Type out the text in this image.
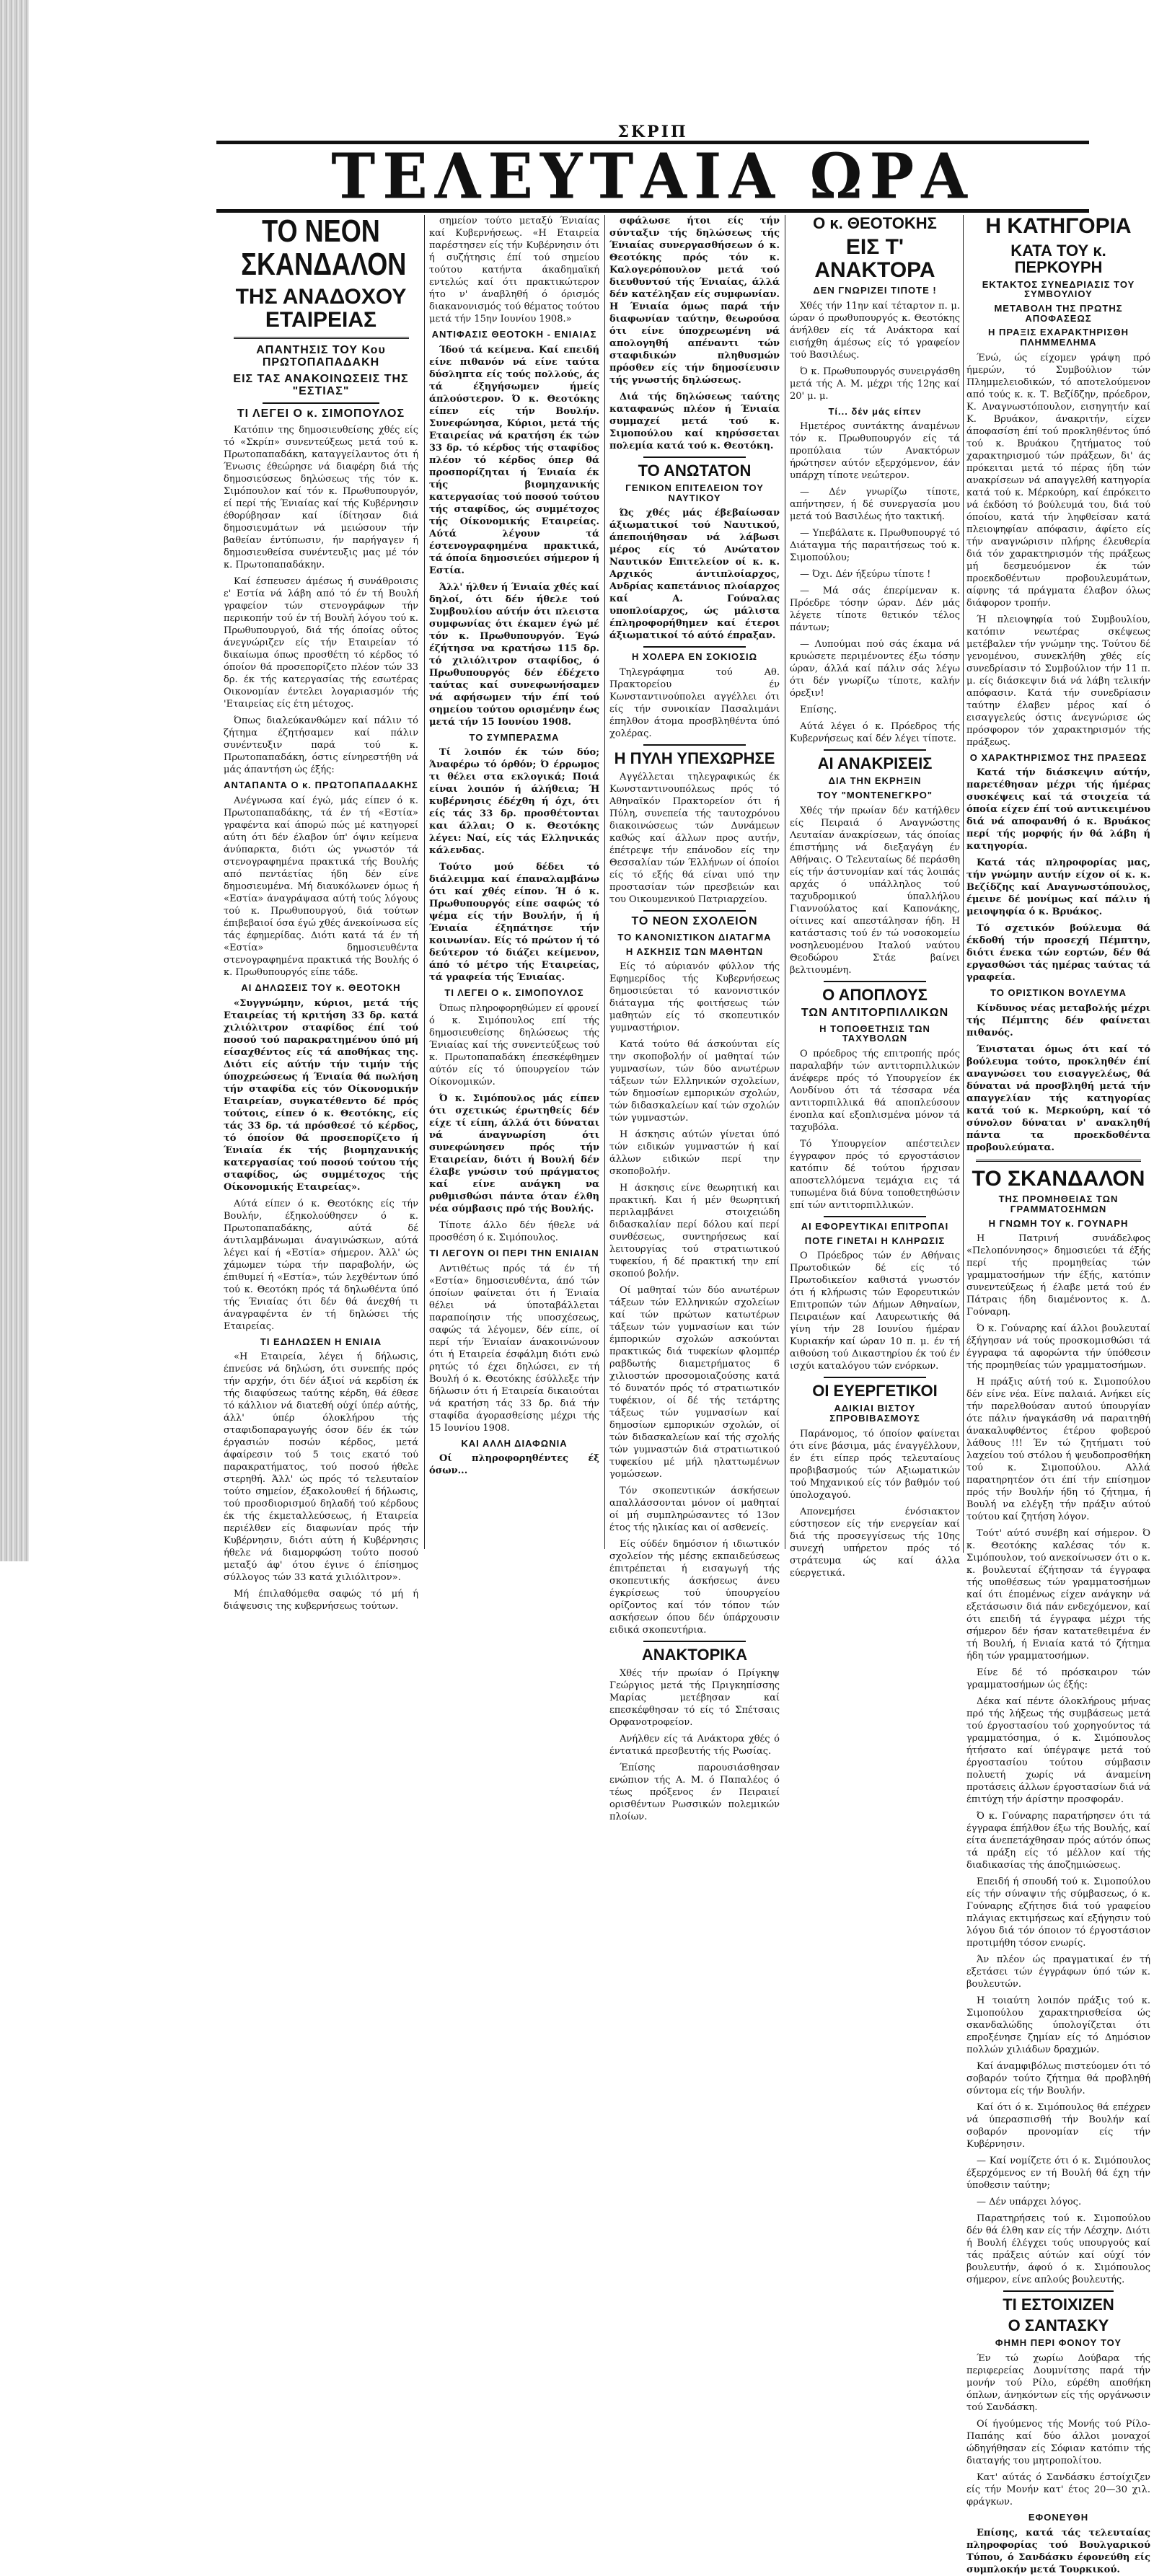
ΣΚΡΙΠ
ΤΕΛΕΥΤΑΙΑ ΩΡΑ
ΤΟ ΝΕΟΝ ΣΚΑΝΔΑΛΟΝ
ΤΗΣ ΑΝΑΔΟΧΟΥ ΕΤΑΙΡΕΙΑΣ
ΑΠΑΝΤΗΣΙΣ ΤΟΥ Κου ΠΡΩΤΟΠΑΠΑΔΑΚΗ
ΕΙΣ ΤΑΣ ΑΝΑΚΟΙΝΩΣΕΙΣ ΤΗΣ "ΕΣΤΙΑΣ"
ΤΙ ΛΕΓΕΙ Ο κ. ΣΙΜΟΠΟΥΛΟΣ

Κατόπιν της δημοσιευθείσης χθές είς τό «Σκρίπ» συνεντεύξεως μετά τού κ. Πρωτοπαπαδάκη, καταγγείλαντος ότι ή Ένωσις έθεώρησε νά διαφέρη διά τής δημοσιεύσεως δηλώσεως τής τόν κ. Σιμόπουλον καί τόν κ. Πρωθυπουργόν, εί περί τής Ένιαίας καί τής Κυβέρνησιν έθορύβησαν καί ίδίτησαν διά δημοσιευμάτων νά μειώσουν τήν βαθείαν έντύπωσιν, ήν παρήγαγεν ή δημοσιευθείσα συνέντευξις μας μέ τόν κ. Πρωτοπαπαδάκην.

Καί έσπευσεν άμέσως ή συνάθροισις ε' Εστία νά λάβη από τό έν τή Βουλή γραφείον τών στενογράφων τήν περικοπήν τού έν τή Βουλή λόγου τού κ. Πρωθυπουργού, διά τής όποίας οΰτος άνεγνώριζεν είς τήν Εταιρείαν τό δικαίωμα όπως προσθέτη τό κέρδος τό όποίον θά προσεπορίζετο πλέον τών 33 δρ. έκ τής κατεργασίας τής εσωτέρας Οικονομίαν έντελει λογαριασμόν τής 'Εταιρείας είς έτη μέτοχος.

Όπως διαλεύκανθώμεν καί πάλιν τό ζήτημα έζητήσαμεν καί πάλιν συνέντευξιν παρά τού κ. Πρωτοπαπαδάκη, όστις είνηρεστήθη νά μάς άπαντήση ώς έξής:

ΑΝΤΑΠΑΝΤΑ Ο κ. ΠΡΩΤΟΠΑΠΑΔΑΚΗΣ

Ανέγνωσα καί έγώ, μάς είπεν ό κ. Πρωτοπαπαδάκης, τά έν τή «Εστία» γραφέντα καί άπορώ πώς μέ κατηγορεί αύτη ότι δέν έλαβον ύπ' όψιν κείμενα άνύπαρκτα, διότι ώς γνωστόν τά στενογραφημένα πρακτικά τής Βουλής από πεντάετίας ήδη δέν είνε δημοσιευμένα. Μή διαυκόλωνεν όμως ή «Εστία» άναγράψασα αύτή τούς λόγους τού κ. Πρωθυπουργού, διά τούτων έπιβεβαιοί όσα έγώ χθές άνεκοίνωσα είς τάς έφημερίδας. Διότι κατά τά έν τή «Εστία» δημοσιευθέντα στενογραφημένα πρακτικά τής Βουλής ό κ. Πρωθυπουργός είπε τάδε.

ΑΙ ΔΗΛΩΣΕΙΣ ΤΟΥ κ. ΘΕΟΤΟΚΗ

«Συγγνώμην, κύριοι, μετά τής Εταιρείας τή κριτήση 33 δρ. κατά χιλιόλιτρον σταφίδος έπί τού ποσού τού παρακρατημένου ύπό μή είσαχθέντος είς τά αποθήκας της. Διότι είς αύτήν τήν τιμήν τής ύποχρεώσεως ή Ένιαία θά πωλήση τήν σταφίδα είς τόν Οίκονομικήν Εταιρείαν, συγκατέθεντο δέ πρός τούτοις, είπεν ό κ. Θεοτόκης, είς τάς 33 δρ. τά πρόσθεσέ τό κέρδος, τό όποίον θά προσεπορίζετο ή Ένιαία έκ τής βιομηχανικής κατεργασίας τού ποσού τούτου τής σταφίδος, ώς συμμέτοχος τής Οίκονομικής Εταιρείας».

Αύτά είπεν ό κ. Θεοτόκης είς τήν Βουλήν, έξηκολούθησεν ό κ. Πρωτοπαπαδάκης, αύτά δέ άντιλαμβάνωμαι άναγινώσκων, αύτά λέγει καί ή «Εστία» σήμερον. Άλλ' ώς χάμωμεν τώρα τήν παραβολήν, ώς έπιθυμεί ή «Εστία», τών λεχθέντων ύπό τού κ. Θεοτόκη πρός τά δηλωθέντα ύπό τής Ένιαίας ότι δέν θά άνεχθή τι άναγραφέντα έν τή δηλώσει τής Εταιρείας.

ΤΙ ΕΔΗΛΩΣΕΝ Η ΕΝΙΑΙΑ

«Η Εταιρεία, λέγει ή δήλωσις, έπνεύσε νά δηλώση, ότι συνεπής πρός τήν αρχήν, ότι δέν άξιοί νά κερδίση έκ τής διαφύσεως ταύτης κέρδη, θά έθεσε τό κάλλιον νά διατεθή ούχί ύπέρ αύτής, άλλ' ύπέρ όλοκλήρου τής σταφιδοπαραγωγής όσον δέν έκ τών έργασιών ποσών κέρδος, μετά άφαίρεσιν τού 5 τοις εκατό τού παρακρατήματος, τού ποσού ήθελε στερηθή. Άλλ' ώς πρός τό τελευταίον τούτο σημείον, έξακολουθεί ή δήλωσις, τού προσδιορισμού δηλαδή τού κέρδους έκ τής έκμεταλλεύσεως, ή Εταιρεία περιέλθεν είς διαφωνίαν πρός τήν Κυβέρνησιν, διότι αύτη ή Κυβέρνησις ήθελε νά διαμορφώση τούτο ποσού μεταξύ άφ' ότου έγινε ό έπίσημος σύλλογος τών 33 κατά χιλιόλιτρον».

Μή έπιλαθόμεθα σαφώς τό μή ή διάψευσις της κυβερνήσεως τούτων.

σημείον τούτο μεταξύ Ένιαίας καί Κυβερνήσεως. «Η Εταιρεία παρέστησεν είς τήν Κυβέρνησιν ότι ή συζήτησις έπί τού σημείου τούτου κατήντα άκαδημαϊκή εντελώς καί ότι πρακτικώτερον ήτο ν' άναβληθή ό όρισμός διακανονισμός τού θέματος τούτου μετά τήν 15ην Ιουνίου 1908.»

ΑΝΤΙΦΑΣΙΣ ΘΕΟΤΟΚΗ - ΕΝΙΑΙΑΣ

Ίδού τά κείμενα. Καί επειδή είνε πιθανόν νά είνε ταύτα δύσληπτα είς τούς πολλούς, άς τά έξηγήσωμεν ήμείς άπλούστερον. Ό κ. Θεοτόκης είπεν είς τήν Βουλήν. Συνεφώνησα, Κύριοι, μετά τής Εταιρείας νά κρατήση έκ τών 33 δρ. τό κέρδος τής σταφίδος πλέον τό κέρδος όπερ θά προσπορίζηται ή Ένιαία έκ τής βιομηχανικής κατεργασίας τού ποσού τούτου τής σταφίδος, ώς συμμέτοχος τής Οίκονομικής Εταιρείας. Αύτά λέγουν τά έστενογραφημένα πρακτικά, τά όποία δημοσιεύει σήμερον ή Εστία.

Άλλ' ήλθεν ή Ένιαία χθές καί δηλοί, ότι δέν ήθελε τού Συμβουλίου αύτήν ότι πλειστα συμφωνίας ότι έκαμεν έγώ μέ τόν κ. Πρωθυπουργόν. Έγώ έζήτησα να κρατήσω 115 δρ. τό χιλιόλιτρον σταφίδος, ό Πρωθυπουργός δέν έδέχετο ταύτας καί συνεφωνήσαμεν νά αφήσωμεν τήν έπί τού σημείου τούτου ορισμένην έως μετά τήν 15 Ιουνίου 1908.

ΤΟ ΣΥΜΠΕΡΑΣΜΑ

Τί λοιπόν έκ τών δύο; Άναφέρω τό όρθόν; Ό έρρωμος τι θέλει στα εκλογικά; Ποιά είναι λοιπόν ή άλήθεια; Ή κυβέρνησις έδέχθη ή όχι, ότι είς τάς 33 δρ. προσθέτονται και άλλαι; Ο κ. Θεοτόκης λέγει: Ναί, είς τάς Ελληνικάς κάλενδας.

Τούτο μού δέδει τό διάλειμμα καί έπαναλαμβάνω ότι καί χθές είπον. Ή ό κ. Πρωθυπουργός είπε σαφώς τό ψέμα είς τήν Βουλήν, ή ή Ένιαία έξηπάτησε τήν κοινωνίαν. Είς τό πρώτον ή τό δεύτερον τό διάζει κείμενον, άπό τό μέτρο τής Εταιρείας, τά γραφεία τής Ένιαίας.

ΤΙ ΛΕΓΕΙ Ο κ. ΣΙΜΟΠΟΥΛΟΣ

Όπως πληροφορηθώμεν εί φρονεί ό κ. Σιμόπουλος επί τής δημοσιευθείσης δηλώσεως τής Ένιαίας καί τής συνεντεύξεως τού κ. Πρωτοπαπαδάκη έπεσκέφθημεν αύτόν είς τό ύπουργείον τών Οίκονομικών.

Ό κ. Σιμόπουλος μάς είπεν ότι σχετικώς έρωτηθείς δέν είχε τί είπη, άλλά ότι δύναται νά άναγνωρίση ότι συνεφώνησεν πρός τήν Εταιρείαν, διότι ή Βουλή δέν έλαβε γνώσιν τού πράγματος καί είνε ανάγκη να ρυθμισθώσι πάντα όταν έλθη νέα σύμβασις πρό τής Βουλής.

Τίποτε άλλο δέν ήθελε νά προσθέση ό κ. Σιμόπουλος.

ΤΙ ΛΕΓΟΥΝ ΟΙ ΠΕΡΙ ΤΗΝ ΕΝΙΑΙΑΝ

Αντιθέτως πρός τά έν τή «Εστία» δημοσιευθέντα, άπό τών όποίων φαίνεται ότι ή Ένιαία θέλει νά ύποταβάλλεται παραποίησιν τής υποσχέσεως, σαφώς τά λέγομεν, δέν είπε, οί περί τήν Ένιαίαν άνακοινώνουν ότι ή Εταιρεία έσφάλμη διότι ενώ ρητώς τό έχει δηλώσει, εν τή Βουλή ό κ. Θεοτόκης έσύλλεξε τήν δήλωσιν ότι ή Εταιρεία δικαιούται νά κρατήση τάς 33 δρ. διά τήν σταφίδα άγορασθείσης μέχρι τής 15 Ιουνίου 1908.

ΚΑΙ ΑΛΛΗ ΔΙΑΦΩΝΙΑ

Οί πληροφορηθέντες έξ όσων...

σφάλωσε ήτοι είς τήν σύνταξιν τής δηλώσεως τής Ένιαίας συνεργασθήσεων ό κ. Θεοτόκης πρός τόν κ. Καλογερόπουλον μετά τού διευθυντού τής Ένιαίας, άλλά δέν κατέληξαν είς συμφωνίαν. Η Ένιαία όμως παρά τήν διαφωνίαν ταύτην, θεωρούσα ότι είνε ύποχρεωμένη νά απολογηθή απέναντι τών σταφιδικών πληθυσμών πρόσθεν είς τήν δημοσίευσιν τής γνωστής δηλώσεως.

Διά τής δηλώσεως ταύτης καταφανώς πλέον ή Ένιαία συμμαχεί μετά τού κ. Σιμοπούλου καί κηρύσσεται πολεμία κατά τού κ. Θεοτόκη.

ΤΟ ΑΝΩΤΑΤΟΝ
ΓΕΝΙΚΟΝ ΕΠΙΤΕΛΕΙΟΝ ΤΟΥ ΝΑΥΤΙΚΟΥ

Ώς χθές μάς έβεβαίωσαν άξιωματικοί τού Ναυτικού, άπεποιήθησαν νά λάβωσι μέρος είς τό Ανώτατον Ναυτικόν Επιτελείον οί κ. κ. Αρχικός άντιπλοίαρχος, Ανδρίας καπετάνιος πλοίαρχος καί Α. Γούναλας υποπλοίαρχος, ώς μάλιστα έπληροφορήθημεν καί έτεροι άξιωματικοί τό αύτό έπραξαν.

Η ΧΟΛΕΡΑ ΕΝ ΣΟΚΙΟΣΙΩ

Τηλεγράφημα τού Αθ. Πρακτορείου έν Κωνσταντινούπολει αγγέλλει ότι είς τήν συνοικίαν Πασαλιμάνι έπηλθον άτομα προσβληθέντα ύπό χολέρας.

Η ΠΥΛΗ ΥΠΕΧΩΡΗΣΕ

Αγγέλλεται τηλεγραφικώς έκ Κωνσταντινουπόλεως πρός τό Αθηναϊκόν Πρακτορείον ότι ή Πύλη, συνεπεία τής ταυτοχρόνου διακοινώσεως τών Δυνάμεων καθώς καί άλλων προς αυτήν, έπέτρεψε τήν επάνοδον είς την Θεσσαλίαν τών Έλλήνων οί όποίοι είς τό εξής θά είναι υπό την προστασίαν τών πρεσβειών και του Οικουμενικού Πατριαρχείου.

ΤΟ ΝΕΟΝ ΣΧΟΛΕΙΟΝ
ΤΟ ΚΑΝΟΝΙΣΤΙΚΟΝ ΔΙΑΤΑΓΜΑ
Η ΑΣΚΗΣΙΣ ΤΩΝ ΜΑΘΗΤΩΝ

Είς τό αύριανόν φύλλον τής Εφημερίδος τής Κυβερνήσεως δημοσιεύεται τό κανονιστικόν διάταγμα τής φοιτήσεως τών μαθητών είς τό σκοπευτικόν γυμναστήριον.

Κατά τούτο θά άσκούνται είς την σκοποβολήν οί μαθηταί τών γυμνασίων, τών δύο ανωτέρων τάξεων τών Ελληνικών σχολείων, τών δημοσίων εμπορικών σχολών, τών διδασκαλείων καί τών σχολών τών γυμναστών.

Η άσκησις αύτών γίνεται ύπό τών ειδικών γυμναστών ή καί άλλων ειδικών περί την σκοποβολήν.

Η άσκησις είνε θεωρητική και πρακτική. Και ή μέν θεωρητική περιλαμβάνει στοιχειώδη διδασκαλίαν περί δόλου καί περί συνθέσεως, συντηρήσεως καί λειτουργίας τού στρατιωτικού τυφεκίου, ή δέ πρακτική την επί σκοπού βολήν.

Οί μαθηταί τών δύο ανωτέρων τάξεων τών Ελληνικών σχολείων καί τών πρώτων κατωτέρων τάξεων τών γυμνασίων και τών έμπορικών σχολών ασκούνται πρακτικώς διά τυφεκίων φλομπέρ ραβδωτής διαμετρήματος 6 χιλιοστών προσομοιαζούσης κατά τό δυνατόν πρός τό στρατιωτικόν τυφέκιον, οί δέ τής τετάρτης τάξεως τών γυμνασίων καί δημοσίων εμπορικών σχολών, οί τών διδασκαλείων καί τής σχολής τών γυμναστών διά στρατιωτικού τυφεκίου μέ μήλ ηλαττωμένων γομώσεων.

Τόν σκοπευτικών άσκήσεων απαλλάσσονται μόνον οί μαθηταί οί μή συμπληρώσαντες τό 13ον έτος τής ηλικίας και οί ασθενείς.

Είς ούδέν δημόσιον ή ιδιωτικόν σχολείον τής μέσης εκπαιδεύσεως έπιτρέπεται ή εισαγωγή τής σκοπευτικής άσκήσεως άνευ έγκρίσεως τού ύπουργείου ορίζοντος καί τόν τόπον τών ασκήσεων όπου δέν ύπάρχουσιν ειδικά σκοπευτήρια.

ΑΝΑΚΤΟΡΙΚΑ

Χθές τήν πρωίαν ό Πρίγκηψ Γεώργιος μετά τής Πριγκηπίσσης Μαρίας μετέβησαν καί επεσκέφθησαν τό είς τό Σπέτσαις Ορφανοτροφείον.

Ανήλθεν είς τά Ανάκτορα χθές ό έντατικά πρεσβευτής τής Ρωσίας.

Έπίσης παρουσιάσθησαν ενώπιον τής Α. Μ. ό Παπαλέος ό τέως πρόξενος έν Πειραιεί ορισθέντων Ρωσσικών πολεμικών πλοίων.

Ο κ. ΘΕΟΤΟΚΗΣ
ΕΙΣ Τ' ΑΝΑΚΤΟΡΑ
ΔΕΝ ΓΝΩΡΙΖΕΙ ΤΙΠΟΤΕ !

Χθές τήν 11ην καί τέταρτον π. μ. ώραν ό πρωθυπουργός κ. Θεοτόκης άνήλθεν είς τά Ανάκτορα καί εισήχθη άμέσως είς τό γραφείον τού Βασιλέως.

Ό κ. Πρωθυπουργός συνειργάσθη μετά τής Α. Μ. μέχρι τής 12ης καί 20' μ. μ.

Τί... δέν μάς είπεν

Ημετέρος συντάκτης άναμένων τόν κ. Πρωθυπουργόν είς τά προπύλαια τών Ανακτόρων ήρώτησεν αύτόν εξερχόμενον, έάν υπάρχη τίποτε νεώτερον.

— Δέν γνωρίζω τίποτε, απήντησεν, ή δέ συνεργασία μου μετά τού Βασιλέως ήτο τακτική.

— Υπεβάλατε κ. Πρωθυπουργέ τό Διάταγμα τής παραιτήσεως τού κ. Σιμοπούλου;

— Όχι. Δέν ήξεύρω τίποτε !

— Μά σάς έπερίμεναν κ. Πρόεδρε τόσην ώραν. Δέν μάς λέγετε τίποτε θετικόν τέλος πάντων;

— Λυπούμαι πού σάς έκαμα νά κρυώσετε περιμένοντες έξω τόσην ώραν, άλλά καί πάλιν σάς λέγω ότι δέν γνωρίζω τίποτε, καλήν όρεξιν!

Επίσης.

Αύτά λέγει ό κ. Πρόεδρος τής Κυβερνήσεως καί δέν λέγει τίποτε.

ΑΙ ΑΝΑΚΡΙΣΕΙΣ
ΔΙΑ ΤΗΝ ΕΚΡΗΞΙΝ
ΤΟΥ "ΜΟΝΤΕΝΕΓΚΡΟ"

Χθές τήν πρωίαν δέν κατήλθεν είς Πειραιά ό Αναγνώστης Λευταίαν άνακρίσεων, τάς όποίας έπιστήμης νά διεξαγάγη έν Αθήναις. Ο Τελευταίως δέ περάσθη είς τήν άστυνομίαν καί τάς λοιπάς αρχάς ό υπάλληλος τού ταχυδρομικού ύπαλλήλου Γιαννούλατος καί Καπονάκης, οίτινες καί απεστάλησαν ήδη. Η κατάστασις τού έν τώ νοσοκομείω νοσηλευομένου Ιταλού ναύτου Θεοδώρου Στάε βαίνει βελτιουμένη.

Ο ΑΠΟΠΛΟΥΣ
ΤΩΝ ΑΝΤΙΤΟΡΠΙΛΛΙΚΩΝ
Η ΤΟΠΟΘΕΤΗΣΙΣ ΤΩΝ ΤΑΧΥΒΟΛΩΝ

Ο πρόεδρος τής επιτροπής πρός παραλαβήν τών αντιτορπιλλικών άνέφερε πρός τό Υπουργείον έκ Λονδίνου ότι τά τέσσαρα νέα αντιτορπιλλικά θά αποπλεύσουν ένοπλα καί εξοπλισμένα μόνον τά ταχυβόλα.

Τό Υπουργείον απέστειλεν έγγραφον πρός τό εργοστάσιον κατόπιν δέ τούτου ήρχισαν αποστελλόμενα τεμάχια εις τά τυπωμένα διά δύνα τοποθετηθώσιν επί τών αντιτορπιλλικών.

ΑΙ ΕΦΟΡΕΥΤΙΚΑΙ ΕΠΙΤΡΟΠΑΙ
ΠΟΤΕ ΓΙΝΕΤΑΙ Η ΚΛΗΡΩΣΙΣ

Ο Πρόεδρος τών έν Αθήναις Πρωτοδικών δέ είς τό Πρωτοδικείον καθιστά γνωστόν ότι ή κλήρωσις τών Εφορευτικών Επιτροπών τών Δήμων Αθηναίων, Πειραιέων καί Λαυρεωτικής θά γίνη τήν 28 Ιουνίου ήμέραν Κυριακήν καί ώραν 10 π. μ. έν τή αιθούση τού Δικαστηρίου έκ τού έν ισχύι καταλόγου τών ενόρκων.

ΟΙ ΕΥΕΡΓΕΤΙΚΟΙ
ΑΔΙΚΙΑΙ ΒΙΣΤΟΥ ΣΠΡΟΒΙΒΑΣΜΟΥΣ

Παράνομος, τό όποίον φαίνεται ότι είνε βάσιμα, μάς έναγγέλλουν, έν έτι είπερ πρός τελευταίους προβιβασμούς τών Αξιωματικών τού Μηχανικού είς τόν βαθμόν τού ύπολοχαγού.

Απονεμήσει ένόσιακτον εύστησεον είς τήν ενεργείαν καί διά τής προσεγγίσεως τής 10ης συνεχή υπήρετον πρός τό στράτευμα ώς καί άλλα εύεργετικά.

Η ΚΑΤΗΓΟΡΙΑ
ΚΑΤΑ ΤΟΥ κ. ΠΕΡΚΟΥΡΗ
ΕΚΤΑΚΤΟΣ ΣΥΝΕΔΡΙΑΣΙΣ ΤΟΥ ΣΥΜΒΟΥΛΙΟΥ
ΜΕΤΑΒΟΛΗ ΤΗΣ ΠΡΩΤΗΣ ΑΠΟΦΑΣΕΩΣ
Η ΠΡΑΞΙΣ ΕΧΑΡΑΚΤΗΡΙΣΘΗ ΠΛΗΜΜΕΛΗΜΑ

Ένώ, ώς είχομεν γράψη πρό ήμερών, τό Συμβούλιον τών Πλημμελειοδικών, τό αποτελούμενον από τούς κ. κ. Τ. Βεζίδζην, πρόεδρον, Κ. Αναγνωστόπουλον, εισηγητήν καί Κ. Βρυάκον, άνακριτήν, είχεν άποφασίση έπί τού προκληθέντος ύπό τού κ. Βρυάκου ζητήματος τού χαρακτηρισμού τών πράξεων, δι' άς πρόκειται μετά τό πέρας ήδη τών ανακρίσεων νά απαγγελθή κατηγορία κατά τού κ. Μέρκούρη, καί έπρόκειτο νά έκδόση τό βούλευμά του, διά τού όποίου, κατά τήν ληφθείσαν κατά πλειοψηφίαν απόφασιν, άφίετο είς τήν αναγνώρισιν πλήρης έλευθερία διά τόν χαρακτηρισμόν τής πράξεως μή δεσμευόμενον έκ τών προεκδοθέντων προβουλευμάτων, αίφνης τά πράγματα έλαβον όλως διάφορον τροπήν.

Ή πλειοψηφία τού Συμβουλίου, κατόπιν νεωτέρας σκέψεως μετέβαλεν τήν γνώμην της. Τούτου δέ γενομένου, συνεκλήθη χθές είς συνεδρίασιν τό Συμβούλιον τήν 11 π. μ. είς διάσκεψιν διά νά λάβη τελικήν απόφασιν. Κατά τήν συνεδρίασιν ταύτην έλαβεν μέρος καί ό εισαγγελεύς όστις άνεγνώρισε ώς πρόσφορον τόν χαρακτηρισμόν τής πράξεως.

Ο ΧΑΡΑΚΤΗΡΙΣΜΟΣ ΤΗΣ ΠΡΑΞΕΩΣ

Κατά τήν διάσκεψιν αύτήν, παρετέθησαν μέχρι τής ήμέρας συσκέψεις καί τά στοιχεία τά όποία είχεν έπί τού αντικειμένου διά νά αποφανθή ό κ. Βρυάκος περί τής μορφής ήν θά λάβη ή κατηγορία.

Κατά τάς πληροφορίας μας, τήν γνώμην αυτήν είχον οί κ. κ. Βεζίδζης καί Αναγνωστόπουλος, έμεινε δέ μονίμως καί πάλιν ή μειοψηφία ό κ. Βρυάκος.

Τό σχετικόν βούλευμα θά έκδοθή τήν προσεχή Πέμπτην, διότι ένεκα τών εορτών, δέν θά εργασθώσι τάς ημέρας ταύτας τά γραφεία.

ΤΟ ΟΡΙΣΤΙΚΟΝ ΒΟΥΛΕΥΜΑ

Κίνδυνος νέας μεταβολής μέχρι τής Πέμπτης δέν φαίνεται πιθανός.

Ένισταται όμως ότι καί τό βούλευμα τούτο, προκληθέν έπί αναγνώσει του εισαγγελέως, θά δύναται νά προσβληθή μετά τήν απαγγελίαν τής κατηγορίας κατά τού κ. Μερκούρη, καί τό σύνολον δύναται ν' ανακληθή πάντα τα προεκδοθέντα προβουλεύματα.

ΤΟ ΣΚΑΝΔΑΛΟΝ
ΤΗΣ ΠΡΟΜΗΘΕΙΑΣ ΤΩΝ ΓΡΑΜΜΑΤΟΣΗΜΩΝ
Η ΓΝΩΜΗ ΤΟΥ κ. ΓΟΥΝΑΡΗ

Η Πατρινή συνάδελφος «Πελοπόννησος» δημοσιεύει τά έξής περί τής προμηθείας τών γραμματοσήμων τήν έξής, κατόπιν συνεντεύξεως ή έλαβε μετά τού έν Πάτραις ήδη διαμένοντος κ. Δ. Γούναρη.

Ό κ. Γούναρης καί άλλοι βουλευταί έξήγησαν νά τούς προσκομισθώσι τά έγγραφα τά αφορώντα τήν ύπόθεσιν τής προμηθείας τών γραμματοσήμων.

Η πράξις αύτή τού κ. Σιμοπούλου δέν είνε νέα. Είνε παλαιά. Ανήκει είς τήν παρελθούσαν αυτού ύπουργίαν ότε πάλιν ήναγκάσθη νά παραιτηθή άνακαλυφθέντος έτέρου φοβερού λάθους !!! Έν τώ ζητήματι τού λαχείου τού στόλου ή ψευδοπροσθήκη τού κ. Σιμοπούλου. Αλλά παρατηρητέον ότι έπί τήν επίσημον πρός τήν Βουλήν ήδη τό ζήτημα, ή Βουλή να ελέγξη τήν πράξιν αύτού τούτου καί ζητήση λόγον.

Τούτ' αύτό συνέβη καί σήμερον. Ό κ. Θεοτόκης καλέσας τόν κ. Σιμόπουλον, τού ανεκοίνωσεν ότι ο κ. κ. βουλευταί έζήτησαν τά έγγραφα τής υποθέσεως τών γραμματοσήμων καί ότι έπομένως είχεν ανάγκην νά εξετάσωσιν διά πάν ενδεχόμενον, καί ότι επειδή τά έγγραφα μέχρι τής σήμερον δέν ήσαν κατατεθειμένα έν τή Βουλή, ή Ενιαία κατά τό ζήτημα ήδη τών γραμματοσήμων.

Είνε δέ τό πρόσκαιρον τών γραμματοσήμων ώς έξής:

Δέκα καί πέντε όλοκλήρους μήνας πρό τής λήξεως τής συμβάσεως μετά τού έργοστασίου τού χορηγούντος τά γραμματόσημα, ό κ. Σιμόπουλος ήτήσατο καί ύπέγραψε μετά τού έργοστασίου τούτου σύμβασιν πολυετή χωρίς νά άναμείνη προτάσεις άλλων έργοστασίων διά νά έπιτύχη τήν άρίστην προσφοράν.

Ό κ. Γούναρης παρατήρησεν ότι τά έγγραφα έπήλθον έξω τής Βουλής, καί είτα άνεπετάχθησαν πρός αύτόν όπως τά πράξη είς τό μέλλον καί τής διαδικασίας τής άποζημιώσεως.

Επειδή ή σπουδή τού κ. Σιμοπούλου είς τήν σύναψιν τής σύμβασεως, ό κ. Γούναρης εζήτησε διά τού γραφείου πλάγιας εκτιμήσεως καί εξήγησιν τού λόγου διά τόν όποιον τό έργοστάσιον προτιμήθη τόσον ενωρίς.

Άν πλέον ώς πραγματικαί έν τή εξετάσει τών έγγράφων ύπό τών κ. βουλευτών.

Η τοιαύτη λοιπόν πράξις τού κ. Σιμοπούλου χαρακτηρισθείσα ώς σκανδαλώδης ύπολογίζεται ότι επροξένησε ζημίαν είς τό Δημόσιον πολλών χιλιάδων δραχμών.

Καί άναμφιβόλως πιστεύομεν ότι τό σοβαρόν τούτο ζήτημα θά προβληθή σύντομα είς τήν Βουλήν.

Καί ότι ό κ. Σιμόπουλος θά επέχρεν νά ύπερασπισθή τήν Βουλήν καί σοβαρόν προνομίαν είς τήν Κυβέρνησιν.

— Καί νομίζετε ότι ό κ. Σιμόπουλος έξερχόμενος εν τή Βουλή θά έχη τήν ύποθεσιν ταύτην;

— Δέν υπάρχει λόγος.

Παρατηρήσεις τού κ. Σιμοπούλου δέν θά έλθη καν είς τήν Λέσχην. Διότι ή Βουλή έλέγχει τούς υπουργούς καί τάς πράξεις αύτών καί ούχί τόν βουλευτήν, άφού ό κ. Σιμόπουλος σήμερον, είνε απλούς βουλευτής.

ΤΙ ΕΣΤΟΙΧΙΖΕΝ
Ο ΣΑΝΤΑΣΚΥ
ΦΗΜΗ ΠΕΡΙ ΦΟΝΟΥ ΤΟΥ

Έν τώ χωρίω Δούβαρα τής περιφερείας Δουμνίτσης παρά τήν μονήν τού Ρίλο, εύρέθη αποθήκη όπλων, άνηκόντων είς τής οργάνωσιν τού Σανδάσκη.

Οί ήγούμενος τής Μονής τού Ρίλο-Παπάης καί δύο άλλοι μοναχοί ώδηγήθησαν είς Σόφιαν κατόπιν τής διαταγής του μητροπολίτου.

Κατ' αύτάς ό Σανδάσκυ έστοίχιζεν είς τήν Μονήν κατ' έτος 20—30 χιλ. φράγκων.

ΕΦΟΝΕΥΘΗ

Επίσης, κατά τάς τελευταίας πληροφορίας τού Βουλγαρικού Τύπου, ό Σανδάσκυ έφονεύθη είς συμπλοκήν μετά Τουρκικού.
